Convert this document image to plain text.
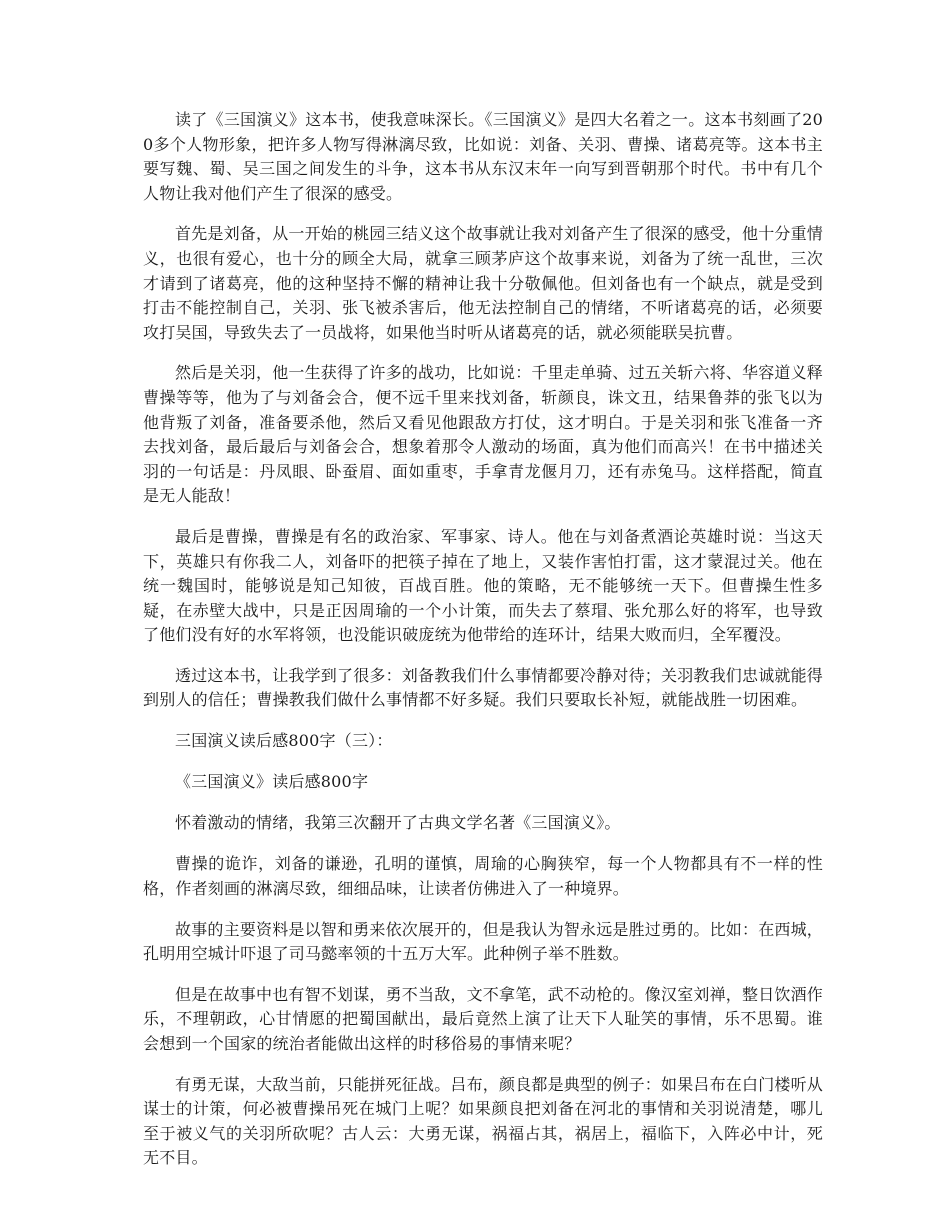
读了《三国演义》这本书，使我意味深长。《三国演义》是四大名着之一。这本书刻画了200多个人物形象，把许多人物写得淋漓尽致，比如说：刘备、关羽、曹操、诸葛亮等。这本书主要写魏、蜀、吴三国之间发生的斗争，这本书从东汉末年一向写到晋朝那个时代。书中有几个人物让我对他们产生了很深的感受。

首先是刘备，从一开始的桃园三结义这个故事就让我对刘备产生了很深的感受，他十分重情义，也很有爱心，也十分的顾全大局，就拿三顾茅庐这个故事来说，刘备为了统一乱世，三次才请到了诸葛亮，他的这种坚持不懈的精神让我十分敬佩他。但刘备也有一个缺点，就是受到打击不能控制自己，关羽、张飞被杀害后，他无法控制自己的情绪，不听诸葛亮的话，必须要攻打吴国，导致失去了一员战将，如果他当时听从诸葛亮的话，就必须能联吴抗曹。

然后是关羽，他一生获得了许多的战功，比如说：千里走单骑、过五关斩六将、华容道义释曹操等等，他为了与刘备会合，便不远千里来找刘备，斩颜良，诛文丑，结果鲁莽的张飞以为他背叛了刘备，准备要杀他，然后又看见他跟敌方打仗，这才明白。于是关羽和张飞准备一齐去找刘备，最后最后与刘备会合，想象着那令人激动的场面，真为他们而高兴！在书中描述关羽的一句话是：丹凤眼、卧蚕眉、面如重枣，手拿青龙偃月刀，还有赤兔马。这样搭配，简直是无人能敌！

最后是曹操，曹操是有名的政治家、军事家、诗人。他在与刘备煮酒论英雄时说：当这天下，英雄只有你我二人，刘备吓的把筷子掉在了地上，又装作害怕打雷，这才蒙混过关。他在统一魏国时，能够说是知己知彼，百战百胜。他的策略，无不能够统一天下。但曹操生性多疑，在赤壁大战中，只是正因周瑜的一个小计策，而失去了蔡瑁、张允那么好的将军，也导致了他们没有好的水军将领，也没能识破庞统为他带给的连环计，结果大败而归，全军覆没。

透过这本书，让我学到了很多：刘备教我们什么事情都要冷静对待；关羽教我们忠诚就能得到别人的信任；曹操教我们做什么事情都不好多疑。我们只要取长补短，就能战胜一切困难。

三国演义读后感800字（三）：

《三国演义》读后感800字

怀着激动的情绪，我第三次翻开了古典文学名著《三国演义》。

曹操的诡诈，刘备的谦逊，孔明的谨慎，周瑜的心胸狭窄，每一个人物都具有不一样的性格，作者刻画的淋漓尽致，细细品味，让读者仿佛进入了一种境界。

故事的主要资料是以智和勇来依次展开的，但是我认为智永远是胜过勇的。比如：在西城，孔明用空城计吓退了司马懿率领的十五万大军。此种例子举不胜数。

但是在故事中也有智不划谋，勇不当敌，文不拿笔，武不动枪的。像汉室刘禅，整日饮酒作乐，不理朝政，心甘情愿的把蜀国献出，最后竟然上演了让天下人耻笑的事情，乐不思蜀。谁会想到一个国家的统治者能做出这样的时移俗易的事情来呢？

有勇无谋，大敌当前，只能拼死征战。吕布，颜良都是典型的例子：如果吕布在白门楼听从谋士的计策，何必被曹操吊死在城门上呢？如果颜良把刘备在河北的事情和关羽说清楚，哪儿至于被义气的关羽所砍呢？古人云：大勇无谋，祸福占其，祸居上，福临下，入阵必中计，死无不目。
